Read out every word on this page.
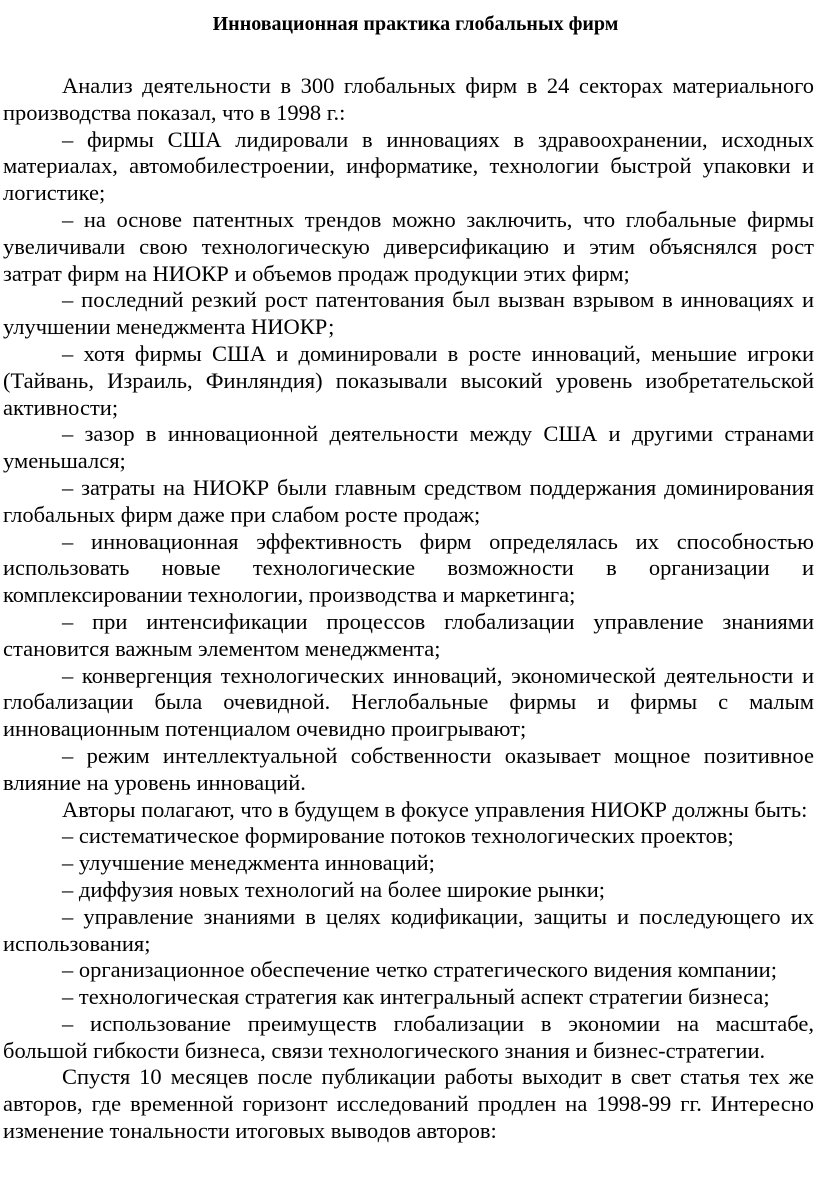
Инновационная практика глобальных фирм

Анализ деятельности в 300 глобальных фирм в 24 секторах материального производства показал, что в 1998 г.:

– фирмы США лидировали в инновациях в здравоохранении, исходных материалах, автомобилестроении, информатике, технологии быстрой упаковки и логистике;

– на основе патентных трендов можно заключить, что глобальные фирмы увеличивали свою технологическую диверсификацию и этим объяснялся рост затрат фирм на НИОКР и объемов продаж продукции этих фирм;

– последний резкий рост патентования был вызван взрывом в инновациях и улучшении менеджмента НИОКР;

– хотя фирмы США и доминировали в росте инноваций, меньшие игроки (Тайвань, Израиль, Финляндия) показывали высокий уровень изобретательской активности;

– зазор в инновационной деятельности между США и другими странами уменьшался;

– затраты на НИОКР были главным средством поддержания доминирования глобальных фирм даже при слабом росте продаж;

– инновационная эффективность фирм определялась их способностью использовать новые технологические возможности в организации и комплексировании технологии, производства и маркетинга;

– при интенсификации процессов глобализации управление знаниями становится важным элементом менеджмента;

– конвергенция технологических инноваций, экономической деятельности и глобализации была очевидной. Неглобальные фирмы и фирмы с малым инновационным потенциалом очевидно проигрывают;

– режим интеллектуальной собственности оказывает мощное позитивное влияние на уровень инноваций.

Авторы полагают, что в будущем в фокусе управления НИОКР должны быть:

– систематическое формирование потоков технологических проектов;

– улучшение менеджмента инноваций;

– диффузия новых технологий на более широкие рынки;

– управление знаниями в целях кодификации, защиты и последующего их использования;

– организационное обеспечение четко стратегического видения компании;

– технологическая стратегия как интегральный аспект стратегии бизнеса;

– использование преимуществ глобализации в экономии на масштабе, большой гибкости бизнеса, связи технологического знания и бизнес-стратегии.

Спустя 10 месяцев после публикации работы выходит в свет статья тех же авторов, где временной горизонт исследований продлен на 1998-99 гг. Интересно изменение тональности итоговых выводов авторов:
